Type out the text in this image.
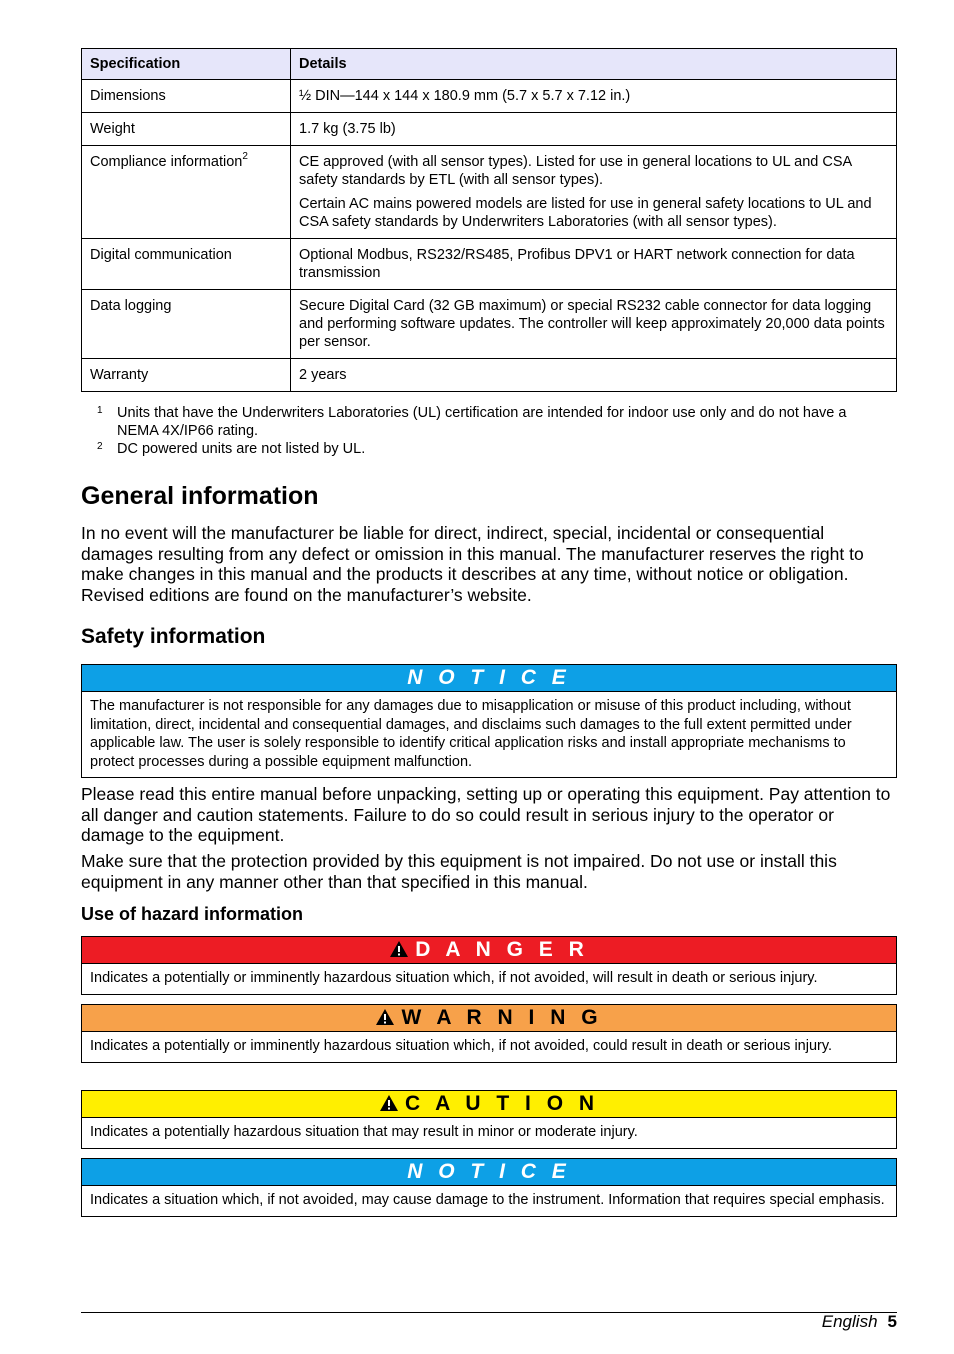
Specification	Details
Dimensions	½ DIN—144 x 144 x 180.9 mm (5.7 x 5.7 x 7.12 in.)

Weight	1.7 kg (3.75 lb)

Compliance information$^2$	CE approved (with all sensor types). Listed for use in general locations to UL and CSA safety standards by ETL (with all sensor types).

Certain AC mains powered models are listed for use in general safety locations to UL and CSA safety standards by Underwriters Laboratories (with all sensor types).

Digital communication	Optional Modbus, RS232/RS485, Profibus DPV1 or HART network connection for data transmission

Data logging	Secure Digital Card (32 GB maximum) or special RS232 cable connector for data logging and performing software updates. The controller will keep approximately 20,000 data points per sensor.

Warranty	2 years

1 Units that have the Underwriters Laboratories (UL) certification are intended for indoor use only and do not have a NEMA 4X/IP66 rating.
2 DC powered units are not listed by UL.
General information

In no event will the manufacturer be liable for direct, indirect, special, incidental or consequential damages resulting from any defect or omission in this manual. The manufacturer reserves the right to make changes in this manual and the products it describes at any time, without notice or obligation. Revised editions are found on the manufacturer’s website.

Safety information
N O T I C E
The manufacturer is not responsible for any damages due to misapplication or misuse of this product including, without limitation, direct, incidental and consequential damages, and disclaims such damages to the full extent permitted under applicable law. The user is solely responsible to identify critical application risks and install appropriate mechanisms to protect processes during a possible equipment malfunction.

Please read this entire manual before unpacking, setting up or operating this equipment. Pay attention to all danger and caution statements. Failure to do so could result in serious injury to the operator or damage to the equipment.

Make sure that the protection provided by this equipment is not impaired. Do not use or install this equipment in any manner other than that specified in this manual.

Use of hazard information
D A N G E R
Indicates a potentially or imminently hazardous situation which, if not avoided, will result in death or serious injury.
W A R N I N G
Indicates a potentially or imminently hazardous situation which, if not avoided, could result in death or serious injury.
C A U T I O N
Indicates a potentially hazardous situation that may result in minor or moderate injury.
N O T I C E
Indicates a situation which, if not avoided, may cause damage to the instrument. Information that requires special emphasis.
English 5
